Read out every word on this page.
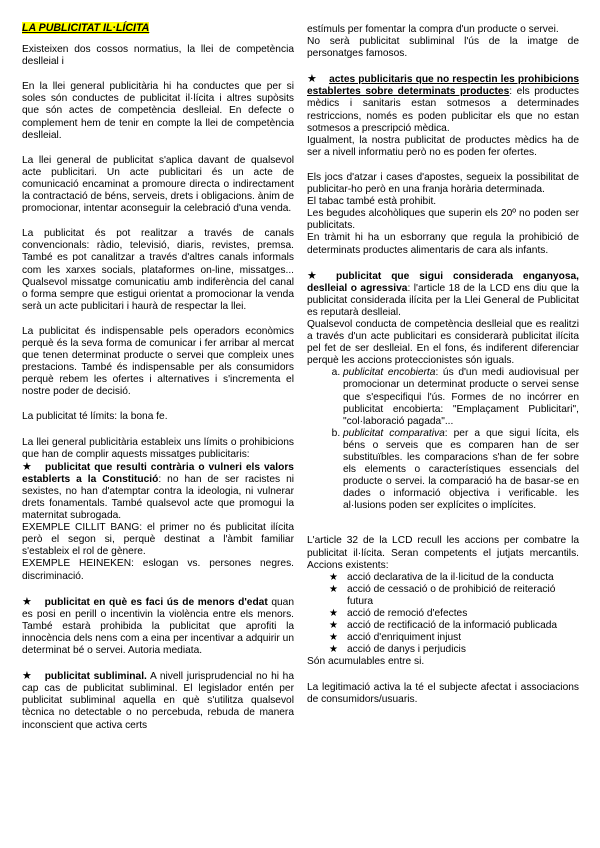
LA PUBLICITAT IL·LÍCITA

Existeixen dos cossos normatius, la llei de competència deslleial i

En la llei general publicitària hi ha conductes que per si soles són conductes de publicitat il·lícita i altres supòsits que són actes de competència deslleial. En defecte o complement hem de tenir en compte la llei de competència deslleial.

La llei general de publicitat s'aplica davant de qualsevol acte publicitari. Un acte publicitari és un acte de comunicació encaminat a promoure directa o indirectament la contractació de béns, serveis, drets i obligacions. ànim de promocionar, intentar aconseguir la celebració d'una venda.

La publicitat és pot realitzar a través de canals convencionals: ràdio, televisió, diaris, revistes, premsa. També es pot canalitzar a través d'altres canals informals com les xarxes socials, plataformes on-line, missatges... Qualsevol missatge comunicatiu amb indiferència del canal o forma sempre que estigui orientat a promocionar la venda serà un acte publicitari i haurà de respectar la llei.

La publicitat és indispensable pels operadors econòmics perquè és la seva forma de comunicar i fer arribar al mercat que tenen determinat producte o servei que compleix unes prestacions. També és indispensable per als consumidors perquè rebem les ofertes i alternatives i s'incrementa el nostre poder de decisió.

La publicitat té límits: la bona fe.

La llei general publicitària estableix uns límits o prohibicions que han de complir aquests missatges publicitaris:

★ publicitat que resulti contrària o vulneri els valors establerts a la Constitució: no han de ser racistes ni sexistes, no han d'atemptar contra la ideologia, ni vulnerar drets fonamentals. També qualsevol acte que promogui la maternitat subrogada.

EXEMPLE CILLIT BANG: el primer no és publicitat ilícita però el segon si, perquè destinat a l'àmbit familiar s'estableix el rol de gènere.

EXEMPLE HEINEKEN: eslogan vs. persones negres. discriminació.

★ publicitat en què es faci ús de menors d'edat quan es posi en perill o incentivin la violència entre els menors. També estarà prohibida la publicitat que aprofiti la innocència dels nens com a eina per incentivar a adquirir un determinat bé o servei. Autoria mediata.

★ publicitat subliminal. A nivell jurisprudencial no hi ha cap cas de publicitat subliminal. El legislador entén per publicitat subliminal aquella en què s'utilitza qualsevol tècnica no detectable o no percebuda, rebuda de manera inconscient que activa certs

estímuls per fomentar la compra d'un producte o servei.

No serà publicitat subliminal l'ús de la imatge de personatges famosos.

★ actes publicitaris que no respectin les prohibicions establertes sobre determinats productes: els productes mèdics i sanitaris estan sotmesos a determinades restriccions, només es poden publicitar els que no estan sotmesos a prescripció mèdica.

Igualment, la nostra publicitat de productes mèdics ha de ser a nivell informatiu però no es poden fer ofertes.

Els jocs d'atzar i cases d'apostes, segueix la possibilitat de publicitar-ho però en una franja horària determinada.

El tabac també està prohibit.

Les begudes alcohòliques que superin els 20º no poden ser publicitats.

En tràmit hi ha un esborrany que regula la prohibició de determinats productes alimentaris de cara als infants.

★ publicitat que sigui considerada enganyosa, deslleial o agressiva: l'article 18 de la LCD ens diu que la publicitat considerada ilícita per la Llei General de Publicitat es reputarà deslleial.

Qualsevol conducta de competència deslleial que es realitzi a través d'un acte publicitari es considerarà publicitat ilícita pel fet de ser deslleial. En el fons, és indiferent diferenciar perquè les accions proteccionistes són iguals.

a. publicitat encobierta: ús d'un medi audiovisual per promocionar un determinat producte o servei sense que s'especifiqui l'ús. Formes de no incórrer en publicitat encobierta: "Emplaçament Publicitari", "col·laboració pagada"...
b. publicitat comparativa: per a que sigui lícita, els béns o serveis que es comparen han de ser substituïbles. les comparacions s'han de fer sobre els elements o característiques essencials del producte o servei. la comparació ha de basar-se en dades o informació objectiva i verificable. les al·lusions poden ser explícites o implícites.

L'article 32 de la LCD recull les accions per combatre la publicitat il·lícita. Seran competents el jutjats mercantils. Accions existents:

★ acció declarativa de la il·licitud de la conducta
★ acció de cessació o de prohibició de reiteració futura
★ acció de remoció d'efectes
★ acció de rectificació de la informació publicada
★ acció d'enriquiment injust
★ acció de danys i perjudicis

Són acumulables entre si.

La legitimació activa la té el subjecte afectat i associacions de consumidors/usuaris.
